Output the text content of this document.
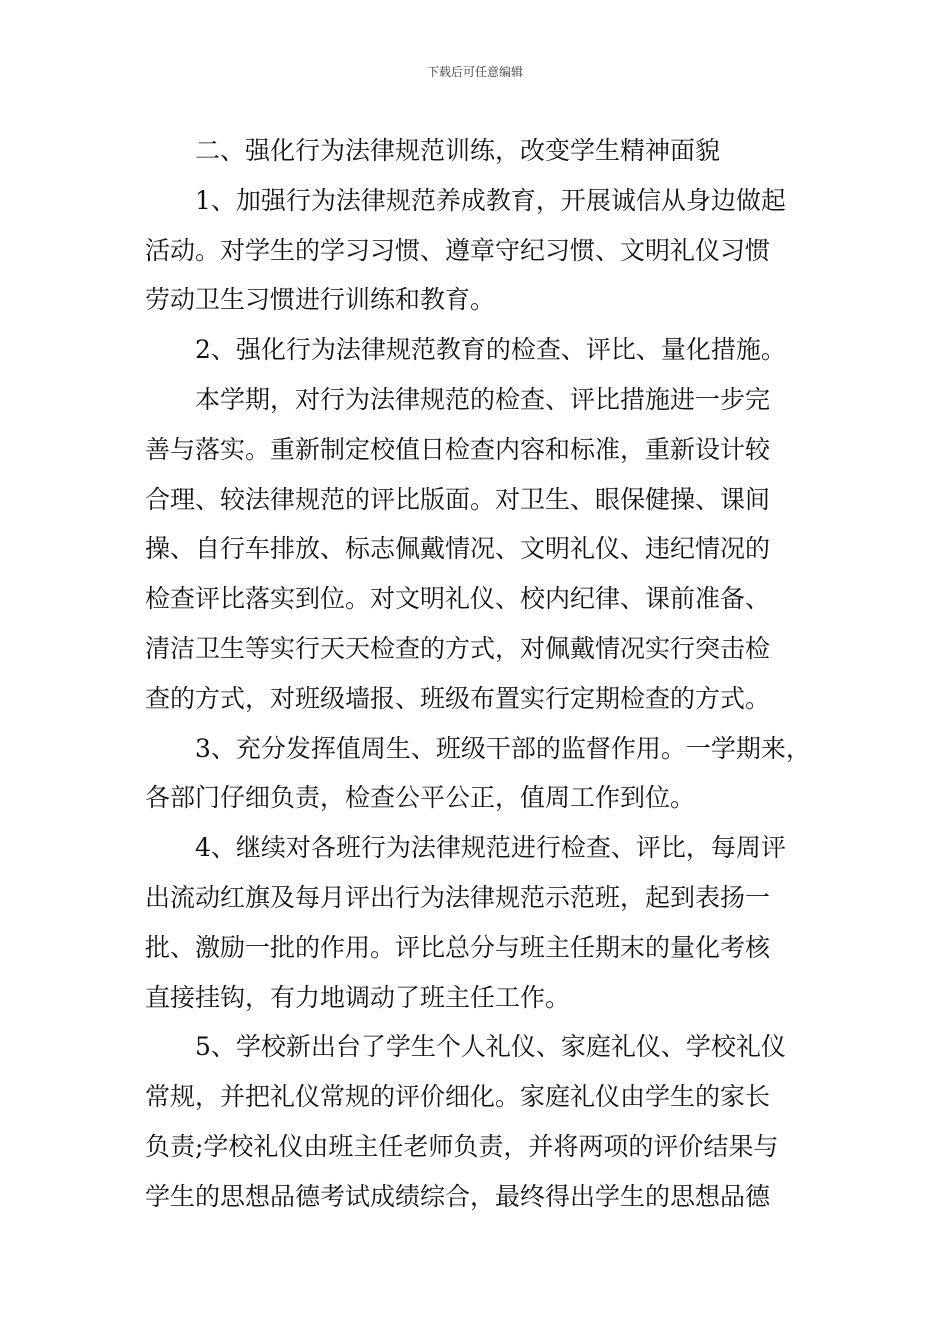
下载后可任意编辑
二、强化行为法律规范训练，改变学生精神面貌
1、加强行为法律规范养成教育，开展诚信从身边做起
活动。对学生的学习习惯、遵章守纪习惯、文明礼仪习惯
劳动卫生习惯进行训练和教育。
2、强化行为法律规范教育的检查、评比、量化措施。
本学期，对行为法律规范的检查、评比措施进一步完
善与落实。重新制定校值日检查内容和标准，重新设计较
合理、较法律规范的评比版面。对卫生、眼保健操、课间
操、自行车排放、标志佩戴情况、文明礼仪、违纪情况的
检查评比落实到位。对文明礼仪、校内纪律、课前准备、
清洁卫生等实行天天检查的方式，对佩戴情况实行突击检
查的方式，对班级墙报、班级布置实行定期检查的方式。
3、充分发挥值周生、班级干部的监督作用。一学期来，
各部门仔细负责，检查公平公正，值周工作到位。
4、继续对各班行为法律规范进行检查、评比，每周评
出流动红旗及每月评出行为法律规范示范班，起到表扬一
批、激励一批的作用。评比总分与班主任期末的量化考核
直接挂钩，有力地调动了班主任工作。
5、学校新出台了学生个人礼仪、家庭礼仪、学校礼仪
常规，并把礼仪常规的评价细化。家庭礼仪由学生的家长
负责;学校礼仪由班主任老师负责，并将两项的评价结果与
学生的思想品德考试成绩综合，最终得出学生的思想品德
